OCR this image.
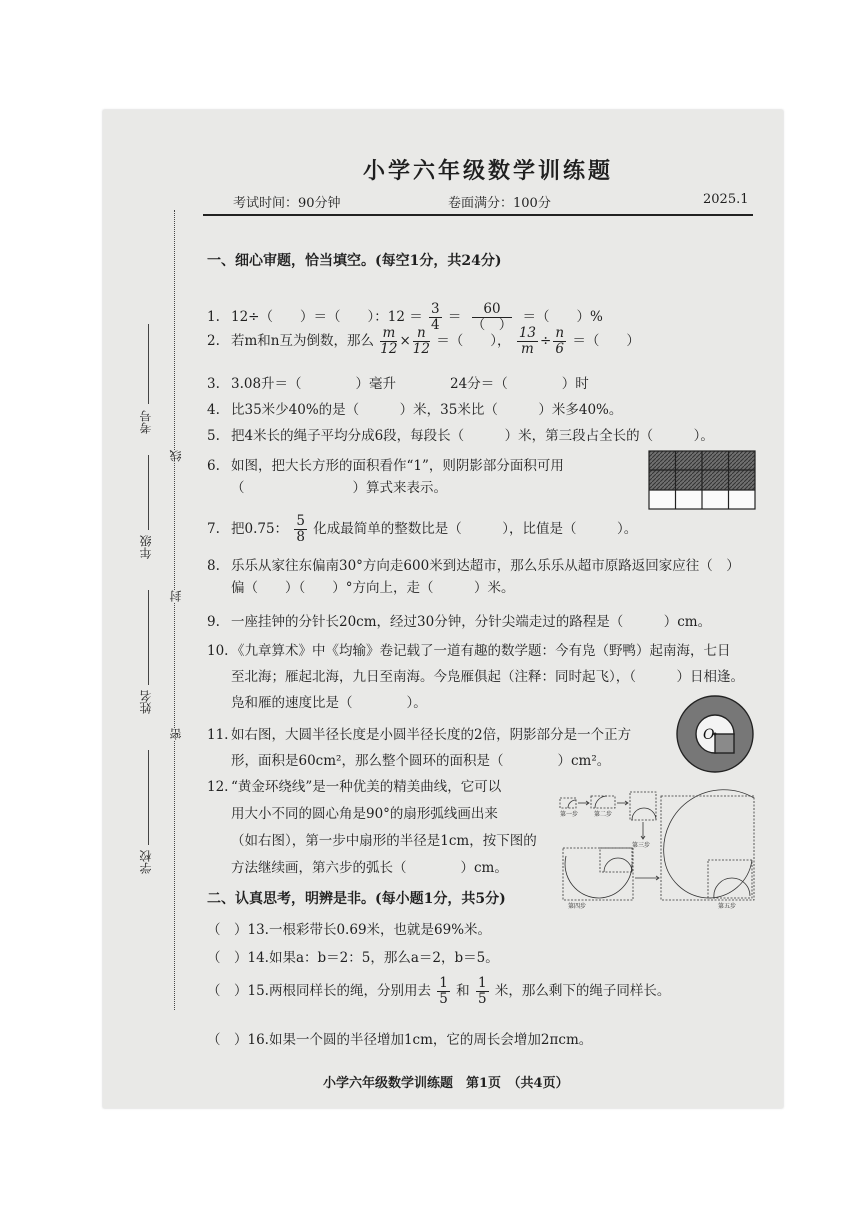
考号
年级
姓名
学校
线
封
密
小学六年级数学训练题
考试时间：90分钟	卷面满分：100分	2025.1
一、细心审题，恰当填空。(每空1分，共24分)
1. 12÷（　　）＝（　　）：$12 = \frac{3}{4} = \frac{60}{( )}$ ＝（　　）%
2. 若m和n互为倒数，那么 $\frac{m}{12} \times \frac{n}{12}$ ＝（　　）， $\frac{13}{m} \div \frac{n}{6}$ ＝（　　）
3. 3.08升＝（　　　　）毫升　　　　24分＝（　　　　）时
4. 比35米少40%的是（　　　）米，35米比（　　　）米多40%。
5. 把4米长的绳子平均分成6段，每段长（　　　）米，第三段占全长的（　　　）。
6. 如图，把大长方形的面积看作“1”，则阴影部分面积可用
（　　　　　　　　）算式来表示。
7. 把0.75： $\frac{5}{8}$ 化成最简单的整数比是（　　　），比值是（　　　）。
8. 乐乐从家往东偏南30°方向走600米到达超市，那么乐乐从超市原路返回家应往（　）
偏（　　）（　　）°方向上，走（　　　）米。
9. 一座挂钟的分针长20cm，经过30分钟，分针尖端走过的路程是（　　　）cm。
10. 《九章算术》中《均输》卷记载了一道有趣的数学题：今有凫（野鸭）起南海，七日
至北海；雁起北海，九日至南海。今凫雁俱起（注释：同时起飞），（　　　）日相逢。
凫和雁的速度比是（　　　　）。
11. 如右图，大圆半径长度是小圆半径长度的2倍，阴影部分是一个正方
形，面积是60cm²，那么整个圆环的面积是（　　　　）cm²。
O
12. “黄金环绕线”是一种优美的精美曲线，它可以
用大小不同的圆心角是90°的扇形弧线画出来
（如右图），第一步中扇形的半径是1cm，按下图的
方法继续画，第六步的弧长（　　　　）cm。
第一步	第二步
第三步
第四步	第五步
二、认真思考，明辨是非。(每小题1分，共5分)
（　）13.一根彩带长0.69米，也就是69%米。
（　）14.如果a：b＝2：5，那么a＝2，b＝5。
（　）15.两根同样长的绳，分别用去 $\frac{1}{5}$ 和 $\frac{1}{5}$ 米，那么剩下的绳子同样长。
（　）16.如果一个圆的半径增加1cm，它的周长会增加2πcm。
小学六年级数学训练题　第1页　（共4页）
